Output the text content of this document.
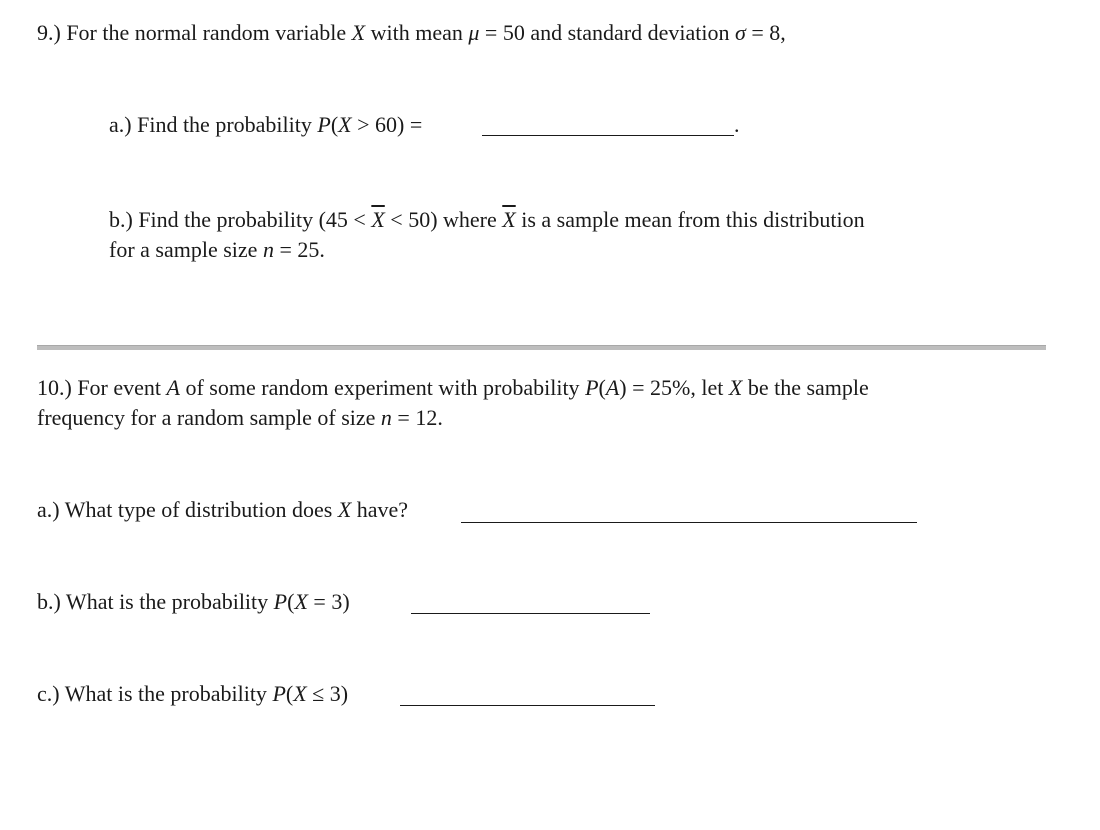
9.) For the normal random variable X with mean μ = 50 and standard deviation σ = 8,
a.) Find the probability P(X > 60) =	.
b.) Find the probability $(45 < \overline{X} < 50)$ where $\overline{X}$ is a sample mean from this distribution
for a sample size n = 25.
10.) For event A of some random experiment with probability P(A) = 25%, let X be the sample
frequency for a random sample of size n = 12.
a.) What type of distribution does X have?
b.) What is the probability P(X = 3)
c.) What is the probability P(X ≤ 3)
